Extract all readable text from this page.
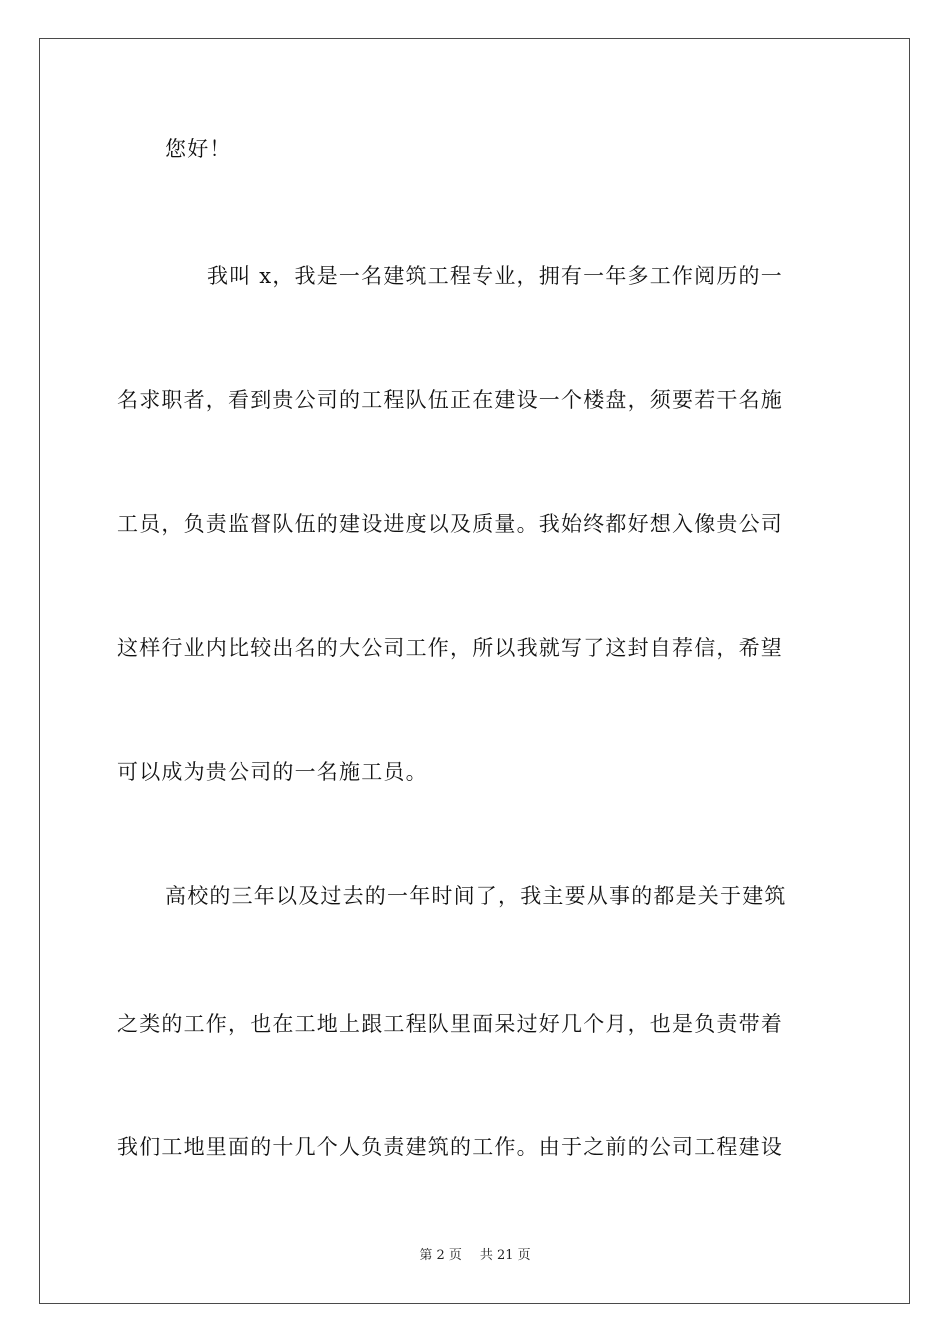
您好！
我叫 x，我是一名建筑工程专业，拥有一年多工作阅历的一
名求职者，看到贵公司的工程队伍正在建设一个楼盘，须要若干名施
工员，负责监督队伍的建设进度以及质量。我始终都好想入像贵公司
这样行业内比较出名的大公司工作，所以我就写了这封自荐信，希望
可以成为贵公司的一名施工员。
高校的三年以及过去的一年时间了，我主要从事的都是关于建筑
之类的工作，也在工地上跟工程队里面呆过好几个月，也是负责带着
我们工地里面的十几个人负责建筑的工作。由于之前的公司工程建设
第 2 页 共 21 页
